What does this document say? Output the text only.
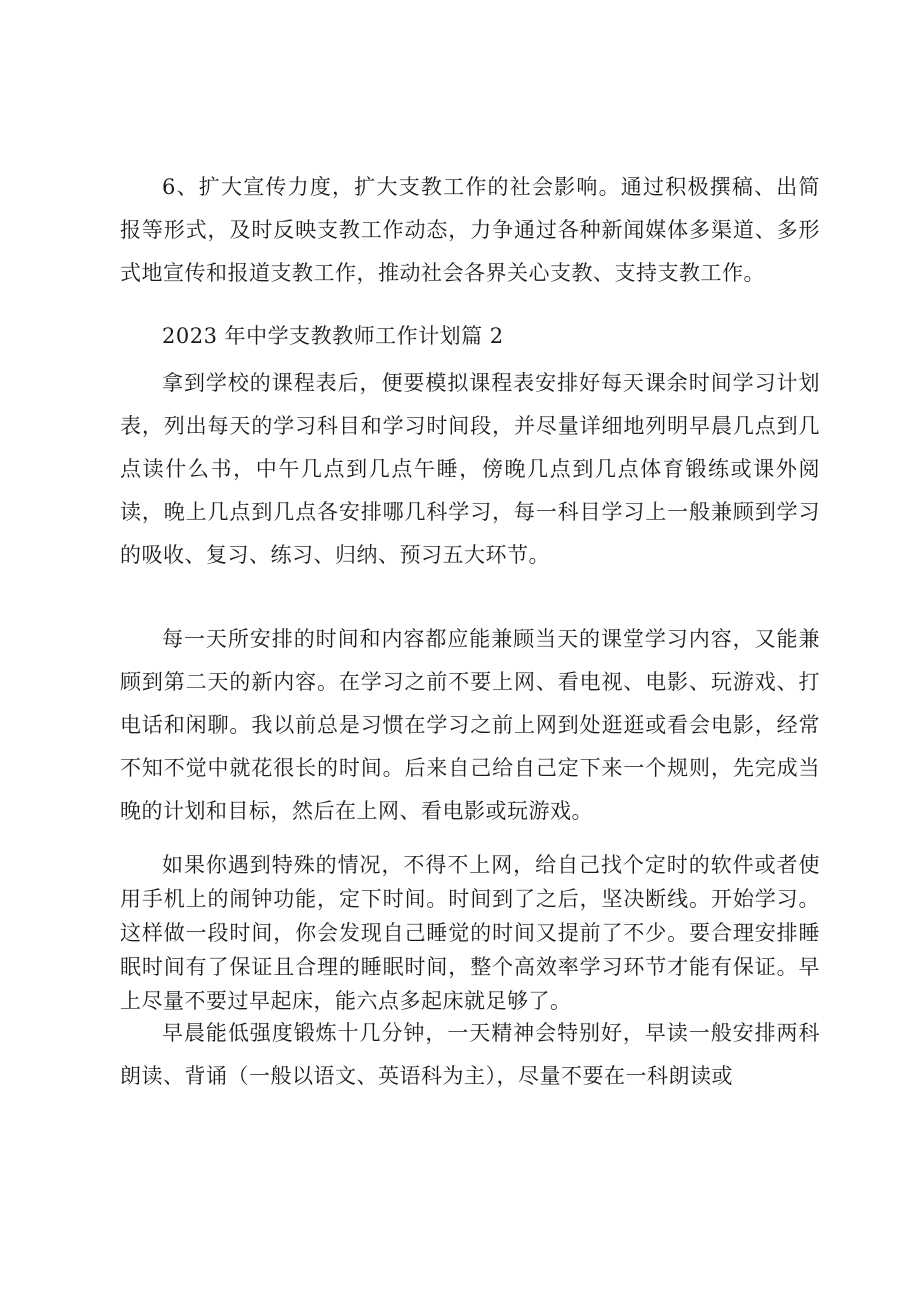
6、扩大宣传力度，扩大支教工作的社会影响。通过积极撰稿、出简报等形式，及时反映支教工作动态，力争通过各种新闻媒体多渠道、多形式地宣传和报道支教工作，推动社会各界关心支教、支持支教工作。

2023 年中学支教教师工作计划篇 2

拿到学校的课程表后，便要模拟课程表安排好每天课余时间学习计划表，列出每天的学习科目和学习时间段，并尽量详细地列明早晨几点到几点读什么书，中午几点到几点午睡，傍晚几点到几点体育锻练或课外阅读，晚上几点到几点各安排哪几科学习，每一科目学习上一般兼顾到学习的吸收、复习、练习、归纳、预习五大环节。

每一天所安排的时间和内容都应能兼顾当天的课堂学习内容，又能兼顾到第二天的新内容。在学习之前不要上网、看电视、电影、玩游戏、打电话和闲聊。我以前总是习惯在学习之前上网到处逛逛或看会电影，经常不知不觉中就花很长的时间。后来自己给自己定下来一个规则，先完成当晚的计划和目标，然后在上网、看电影或玩游戏。

如果你遇到特殊的情况，不得不上网，给自己找个定时的软件或者使用手机上的闹钟功能，定下时间。时间到了之后，坚决断线。开始学习。这样做一段时间，你会发现自己睡觉的时间又提前了不少。要合理安排睡眠时间有了保证且合理的睡眠时间，整个高效率学习环节才能有保证。早上尽量不要过早起床，能六点多起床就足够了。

早晨能低强度锻炼十几分钟，一天精神会特别好，早读一般安排两科朗读、背诵（一般以语文、英语科为主），尽量不要在一科朗读或
